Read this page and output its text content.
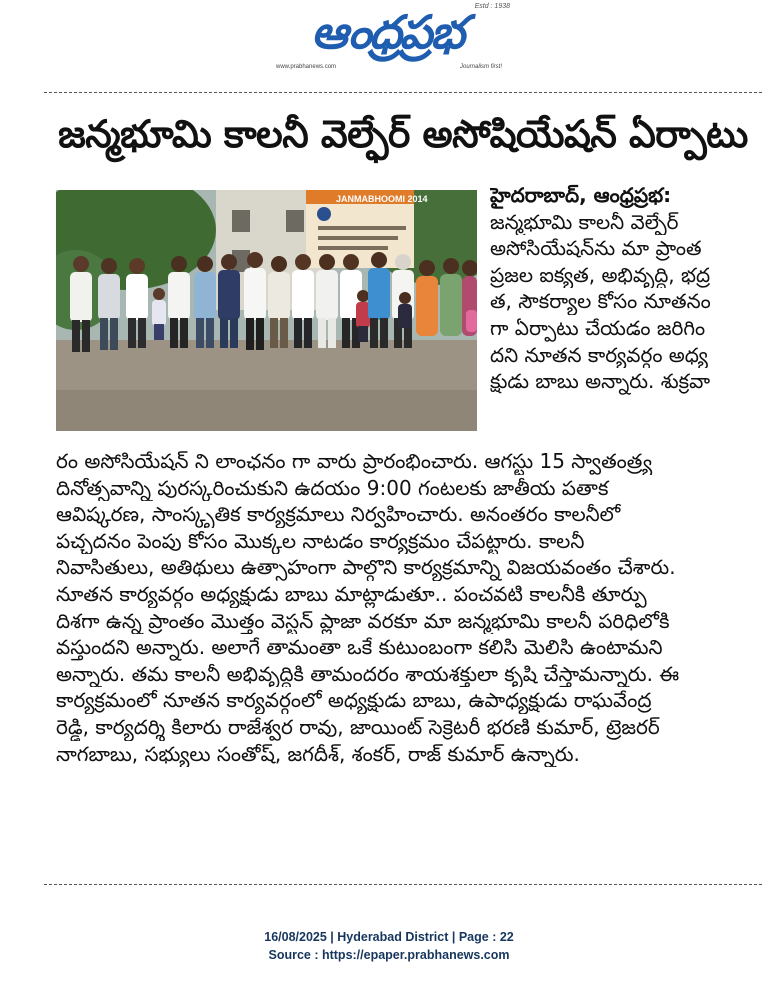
ఆంధ్రప్రభ	Estd : 1938
www.prabhanews.com	Journalism first!
జన్మభూమి కాలనీ వెల్ఫేర్ అసోషియేషన్ ఏర్పాటు
JANMABHOOMI 2014	హైదరాబాద్, ఆంధ్రప్రభ:
జన్మభూమి కాలనీ వెల్ఫేర్
అసోసియేషన్‌ను మా ప్రాంత
ప్రజల ఐక్యత, అభివృద్ధి, భద్ర
త, సౌకర్యాల కోసం నూతనం
గా ఏర్పాటు చేయడం జరిగిం
దని నూతన కార్యవర్గం అధ్య
క్షుడు బాబు అన్నారు. శుక్రవా
రం అసోసియేషన్ ని లాంఛనం గా వారు ప్రారంభించారు. ఆగస్టు 15 స్వాతంత్ర్య
దినోత్సవాన్ని పురస్కరించుకుని ఉదయం 9:00 గంటలకు జాతీయ పతాక
ఆవిష్కరణ, సాంస్కృతిక కార్యక్రమాలు నిర్వహించారు. అనంతరం కాలనీలో
పచ్చదనం పెంపు కోసం మొక్కల నాటడం కార్యక్రమం చేపట్టారు. కాలనీ
నివాసితులు, అతిథులు ఉత్సాహంగా పాల్గొని కార్యక్రమాన్ని విజయవంతం చేశారు.
నూతన కార్యవర్గం అధ్యక్షుడు బాబు మాట్లాడుతూ.. పంచవటి కాలనీకి తూర్పు
దిశగా ఉన్న ప్రాంతం మొత్తం వెస్టన్ ప్లాజా వరకూ మా జన్మభూమి కాలనీ పరిధిలోకి
వస్తుందని అన్నారు. అలాగే తామంతా ఒకే కుటుంబంగా కలిసి మెలిసి ఉంటామని
అన్నారు. తమ కాలనీ అభివృద్ధికి తామందరం శాయశక్తులా కృషి చేస్తామన్నారు. ఈ
కార్యక్రమంలో నూతన కార్యవర్గంలో అధ్యక్షుడు బాబు, ఉపాధ్యక్షుడు రాఘవేంద్ర
రెడ్డి, కార్యదర్శి కిలారు రాజేశ్వర రావు, జాయింట్ సెక్రెటరీ భరణి కుమార్, ట్రెజరర్
నాగబాబు, సభ్యులు సంతోష్, జగదీశ్, శంకర్, రాజ్ కుమార్ ఉన్నారు.
16/08/2025 | Hyderabad District | Page : 22
Source : https://epaper.prabhanews.com
